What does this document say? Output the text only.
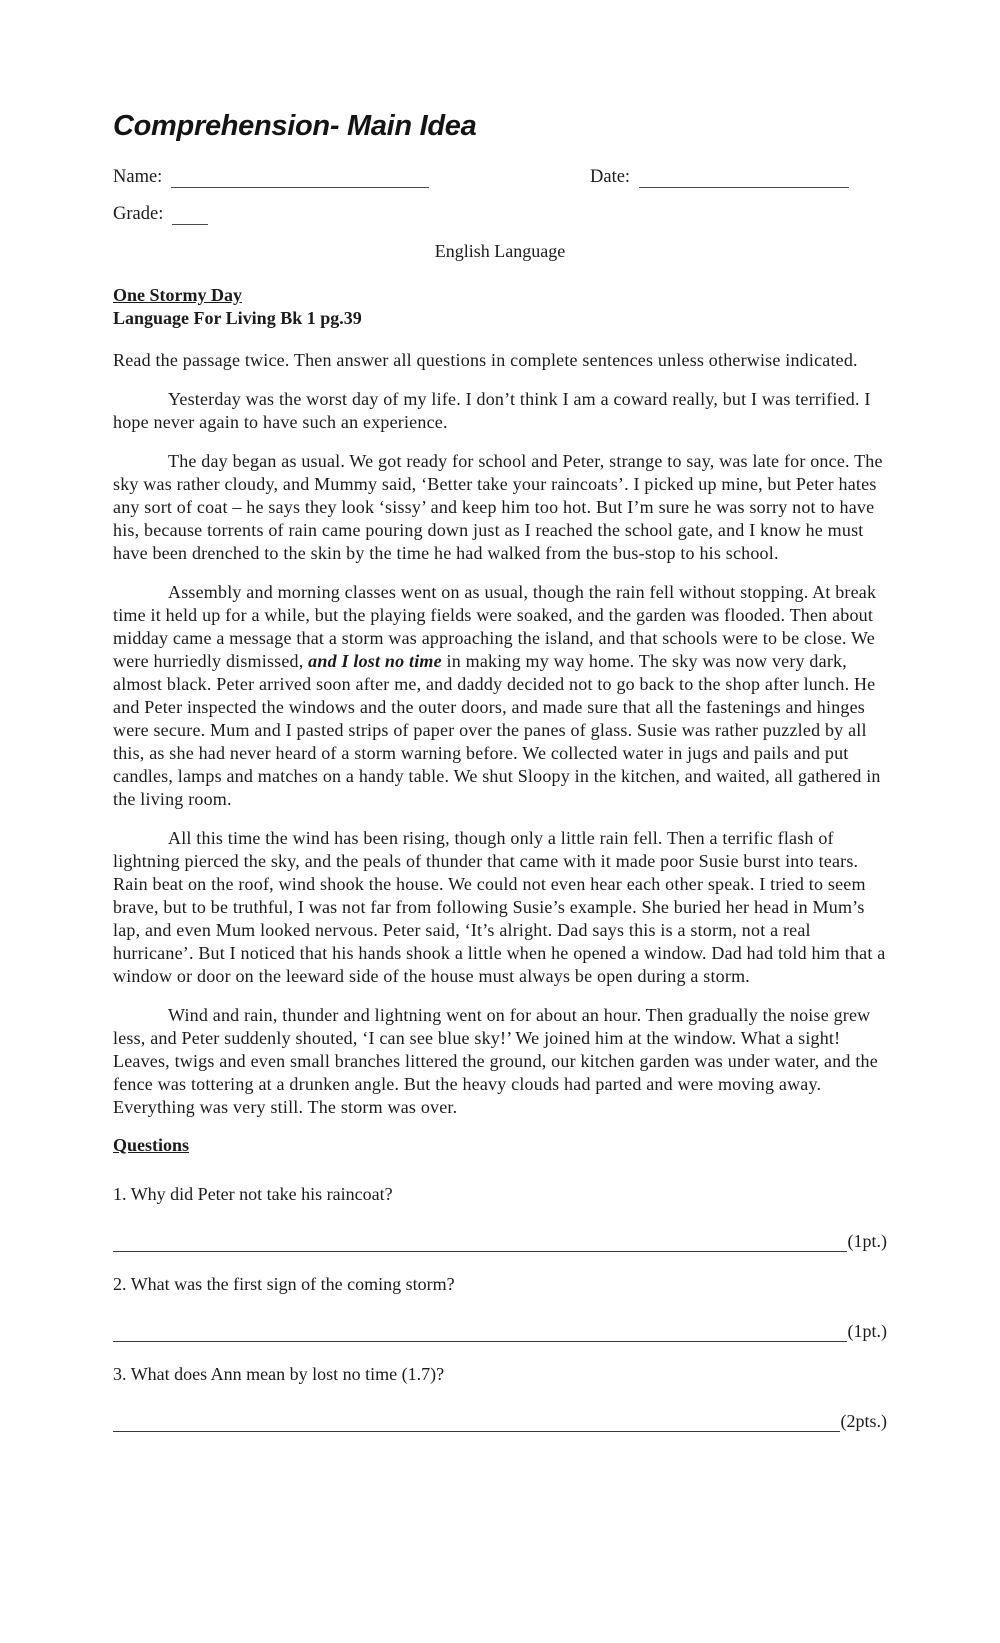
Comprehension- Main Idea
Name:	Date:
Grade:
English Language
One Stormy Day
Language For Living Bk 1 pg.39

Read the passage twice. Then answer all questions in complete sentences unless otherwise indicated.

Yesterday was the worst day of my life. I don’t think I am a coward really, but I was terrified. I hope never again to have such an experience.

The day began as usual. We got ready for school and Peter, strange to say, was late for once. The sky was rather cloudy, and Mummy said, ‘Better take your raincoats’. I picked up mine, but Peter hates any sort of coat – he says they look ‘sissy’ and keep him too hot. But I’m sure he was sorry not to have his, because torrents of rain came pouring down just as I reached the school gate, and I know he must have been drenched to the skin by the time he had walked from the bus-stop to his school.

Assembly and morning classes went on as usual, though the rain fell without stopping. At break time it held up for a while, but the playing fields were soaked, and the garden was flooded. Then about midday came a message that a storm was approaching the island, and that schools were to be close. We were hurriedly dismissed, and I lost no time in making my way home. The sky was now very dark, almost black. Peter arrived soon after me, and daddy decided not to go back to the shop after lunch. He and Peter inspected the windows and the outer doors, and made sure that all the fastenings and hinges were secure. Mum and I pasted strips of paper over the panes of glass. Susie was rather puzzled by all this, as she had never heard of a storm warning before. We collected water in jugs and pails and put candles, lamps and matches on a handy table. We shut Sloopy in the kitchen, and waited, all gathered in the living room.

All this time the wind has been rising, though only a little rain fell. Then a terrific flash of lightning pierced the sky, and the peals of thunder that came with it made poor Susie burst into tears. Rain beat on the roof, wind shook the house. We could not even hear each other speak. I tried to seem brave, but to be truthful, I was not far from following Susie’s example. She buried her head in Mum’s lap, and even Mum looked nervous. Peter said, ‘It’s alright. Dad says this is a storm, not a real hurricane’. But I noticed that his hands shook a little when he opened a window. Dad had told him that a window or door on the leeward side of the house must always be open during a storm.

Wind and rain, thunder and lightning went on for about an hour. Then gradually the noise grew less, and Peter suddenly shouted, ‘I can see blue sky!’ We joined him at the window. What a sight! Leaves, twigs and even small branches littered the ground, our kitchen garden was under water, and the fence was tottering at a drunken angle. But the heavy clouds had parted and were moving away. Everything was very still. The storm was over.

Questions
1. Why did Peter not take his raincoat?
(1pt.)
2. What was the first sign of the coming storm?
(1pt.)
3. What does Ann mean by lost no time (1.7)?
(2pts.)
